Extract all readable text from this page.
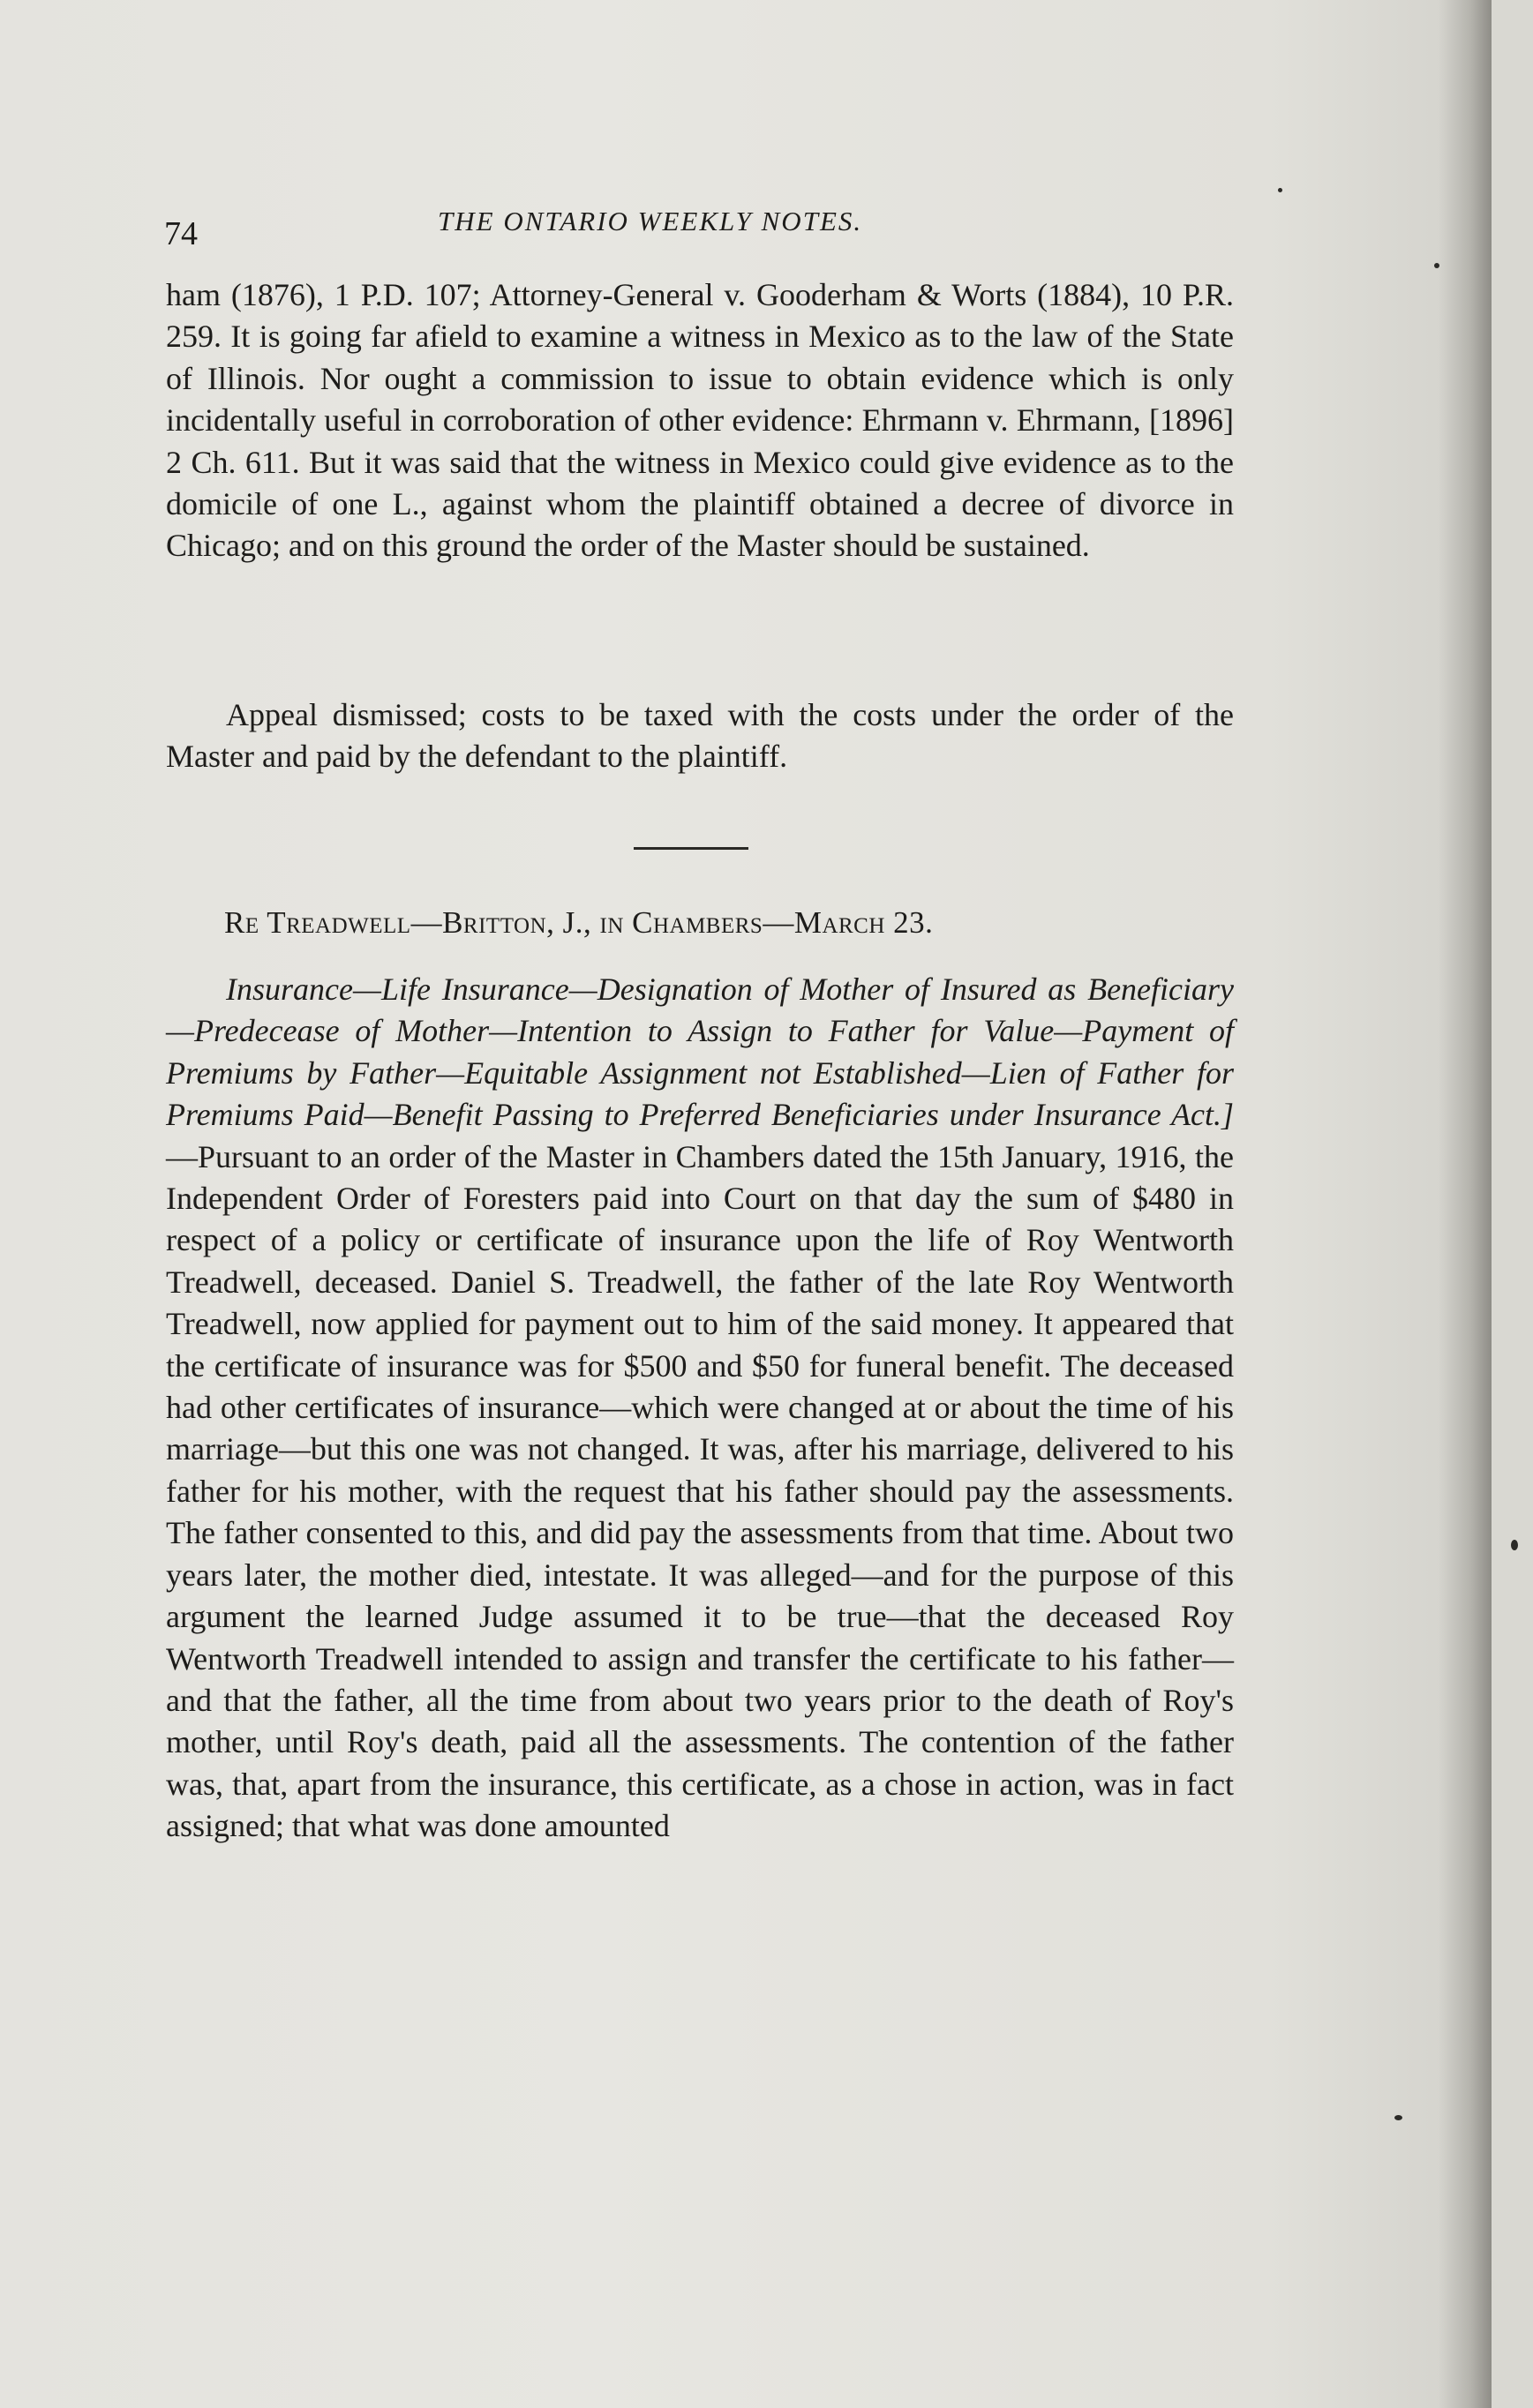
74	THE ONTARIO WEEKLY NOTES.

ham (1876), 1 P.D. 107; Attorney-General v. Gooderham & Worts (1884), 10 P.R. 259. It is going far afield to examine a witness in Mexico as to the law of the State of Illinois. Nor ought a commission to issue to obtain evidence which is only incidentally useful in corroboration of other evidence: Ehrmann v. Ehrmann, [1896] 2 Ch. 611. But it was said that the witness in Mexico could give evidence as to the domicile of one L., against whom the plaintiff obtained a decree of divorce in Chicago; and on this ground the order of the Master should be sustained.

Appeal dismissed; costs to be taxed with the costs under the order of the Master and paid by the defendant to the plaintiff.

Re Treadwell—Britton, J., in Chambers—March 23.

Insurance—Life Insurance—Designation of Mother of Insured as Beneficiary—Predecease of Mother—Intention to Assign to Father for Value—Payment of Premiums by Father—Equitable Assignment not Established—Lien of Father for Premiums Paid—Benefit Passing to Preferred Beneficiaries under Insurance Act.]—Pursuant to an order of the Master in Chambers dated the 15th January, 1916, the Independent Order of Foresters paid into Court on that day the sum of $480 in respect of a policy or certificate of insurance upon the life of Roy Wentworth Treadwell, deceased. Daniel S. Treadwell, the father of the late Roy Wentworth Treadwell, now applied for payment out to him of the said money. It appeared that the certificate of insurance was for $500 and $50 for funeral benefit. The deceased had other certificates of insurance—which were changed at or about the time of his marriage—but this one was not changed. It was, after his marriage, delivered to his father for his mother, with the request that his father should pay the assessments. The father consented to this, and did pay the assessments from that time. About two years later, the mother died, intestate. It was alleged—and for the purpose of this argument the learned Judge assumed it to be true—that the deceased Roy Wentworth Treadwell intended to assign and transfer the certificate to his father—and that the father, all the time from about two years prior to the death of Roy's mother, until Roy's death, paid all the assessments. The contention of the father was, that, apart from the insurance, this certificate, as a chose in action, was in fact assigned; that what was done amounted
